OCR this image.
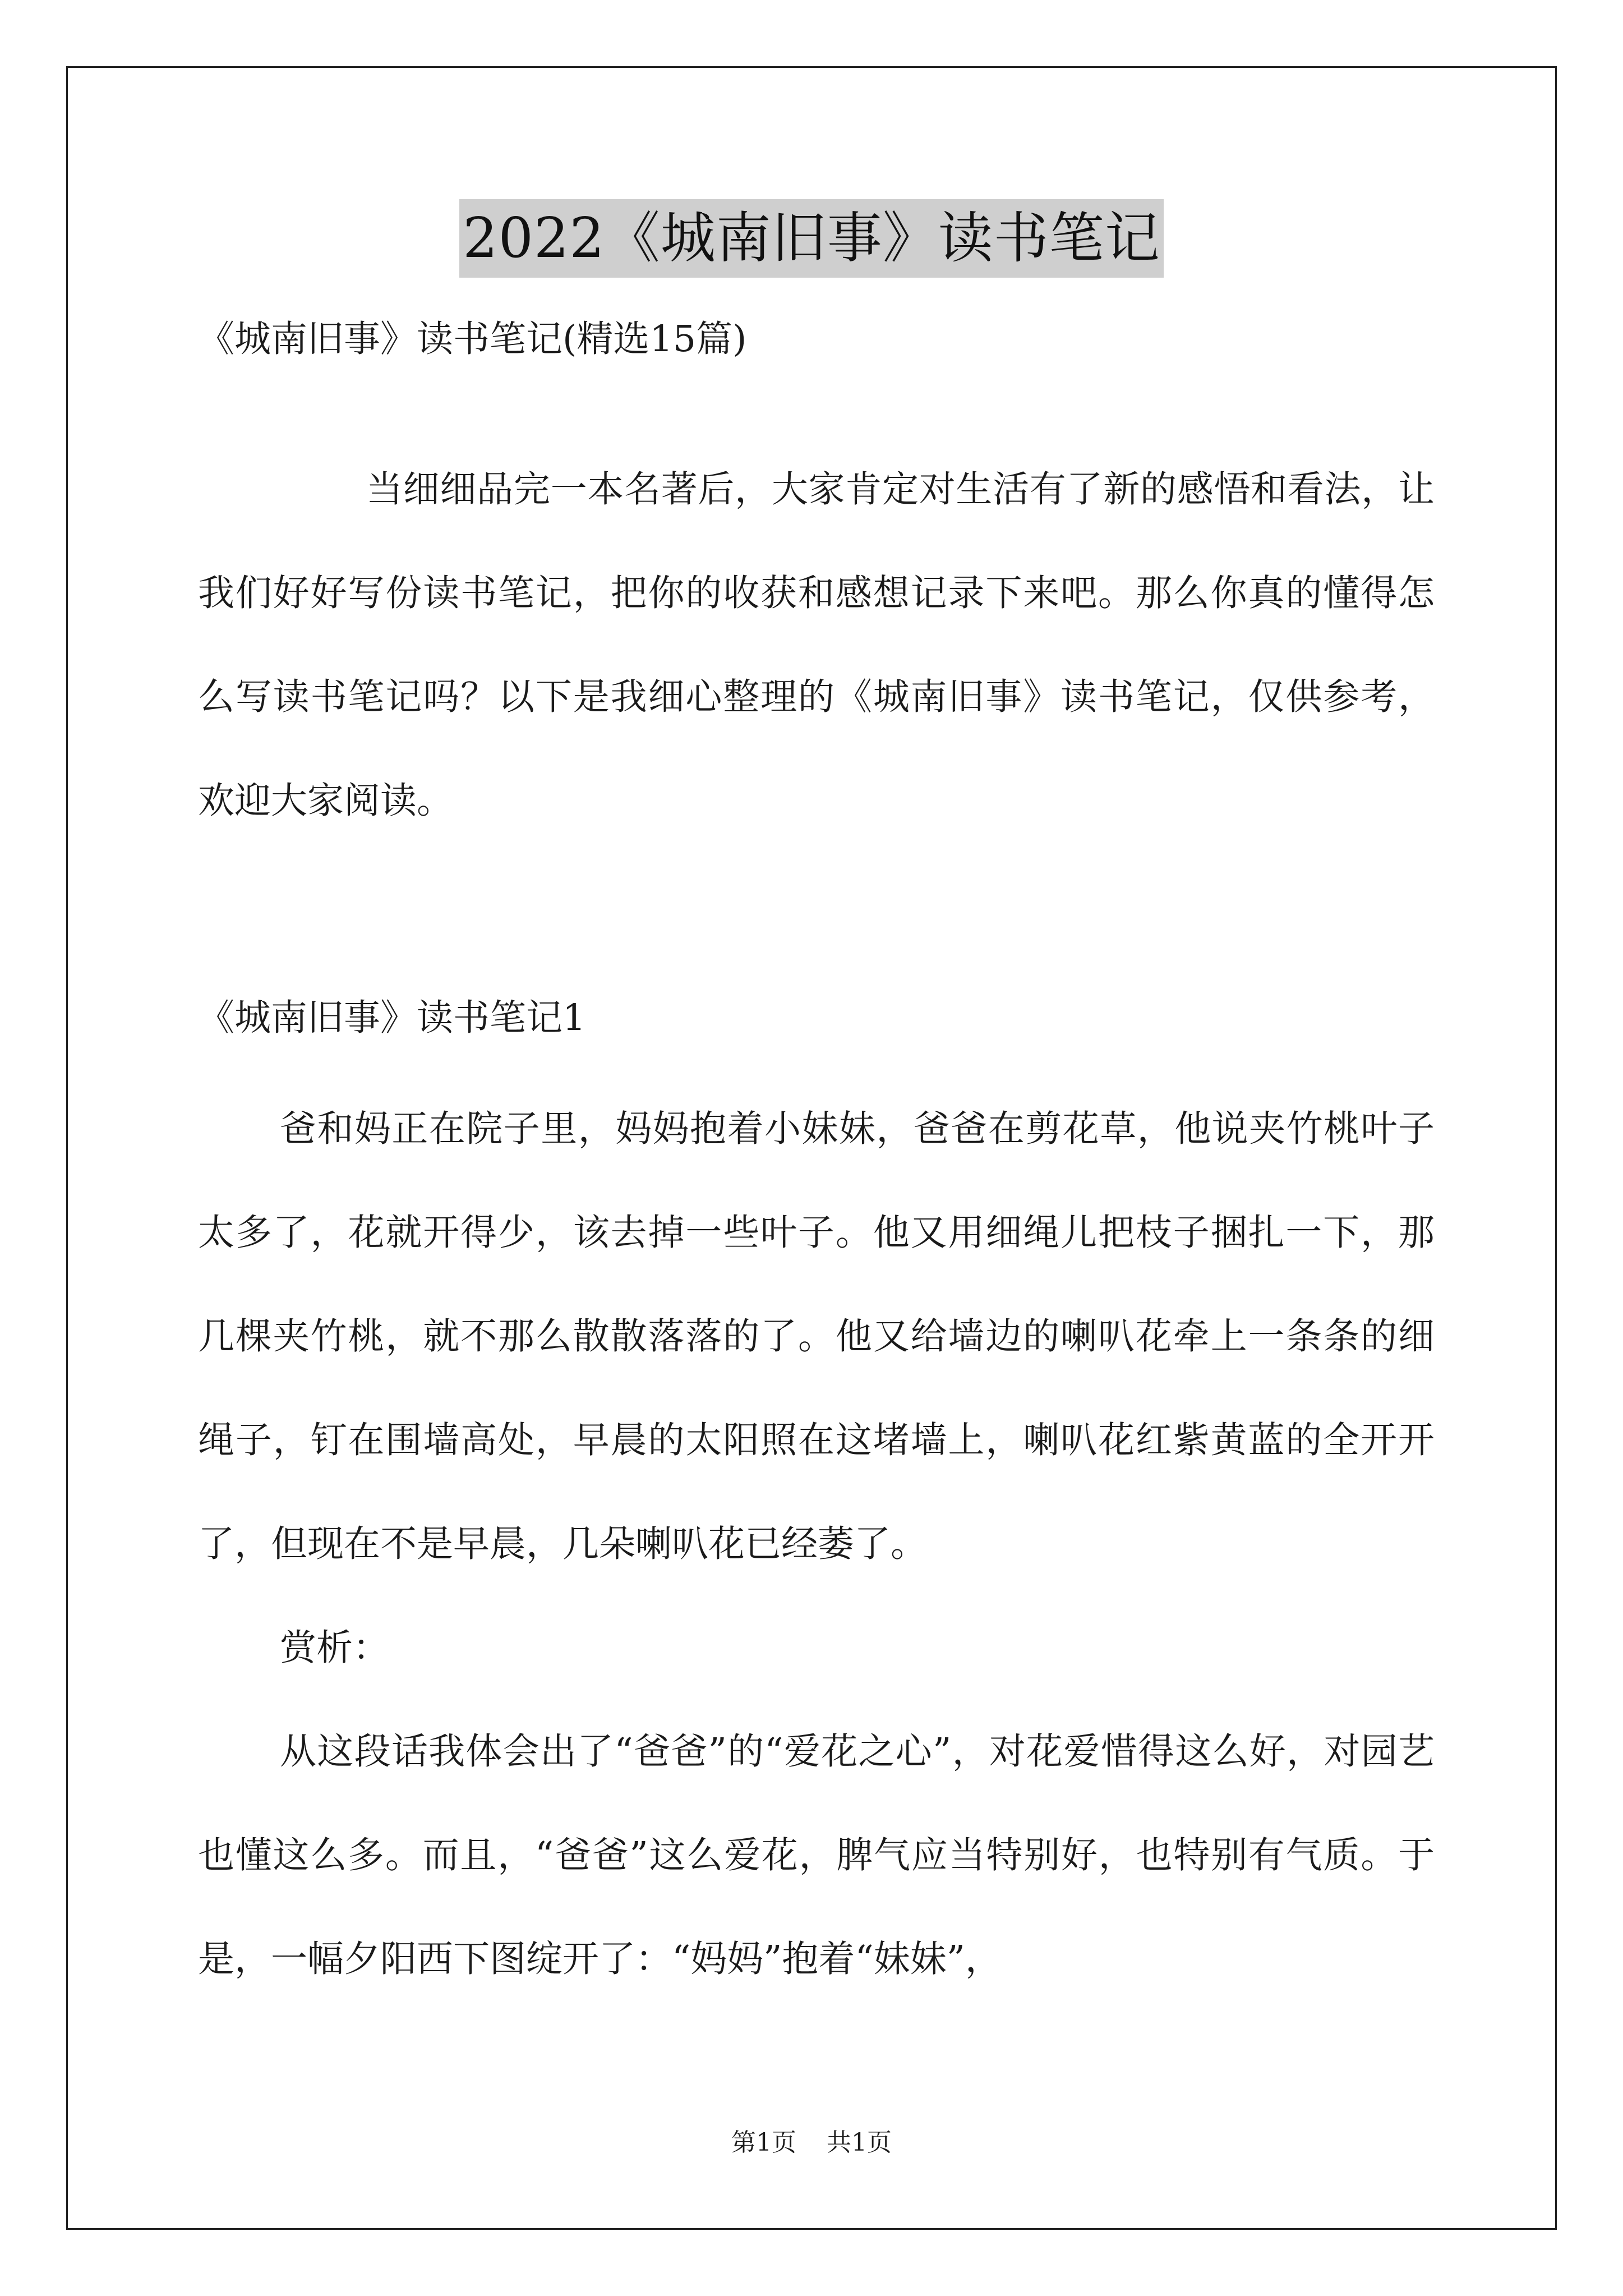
2022《城南旧事》读书笔记
《城南旧事》读书笔记(精选15篇)

当细细品完一本名著后，大家肯定对生活有了新的感悟和看法，让我们好好写份读书笔记，把你的收获和感想记录下来吧。那么你真的懂得怎么写读书笔记吗？以下是我细心整理的《城南旧事》读书笔记，仅供参考，欢迎大家阅读。

《城南旧事》读书笔记1

爸和妈正在院子里，妈妈抱着小妹妹，爸爸在剪花草，他说夹竹桃叶子太多了，花就开得少，该去掉一些叶子。他又用细绳儿把枝子捆扎一下，那几棵夹竹桃，就不那么散散落落的了。他又给墙边的喇叭花牵上一条条的细绳子，钉在围墙高处，早晨的太阳照在这堵墙上，喇叭花红紫黄蓝的全开开了，但现在不是早晨，几朵喇叭花已经萎了。

赏析：

从这段话我体会出了“爸爸”的“爱花之心”，对花爱惜得这么好，对园艺也懂这么多。而且，“爸爸”这么爱花，脾气应当特别好，也特别有气质。于是，一幅夕阳西下图绽开了：“妈妈”抱着“妹妹”，

第1页 共1页
